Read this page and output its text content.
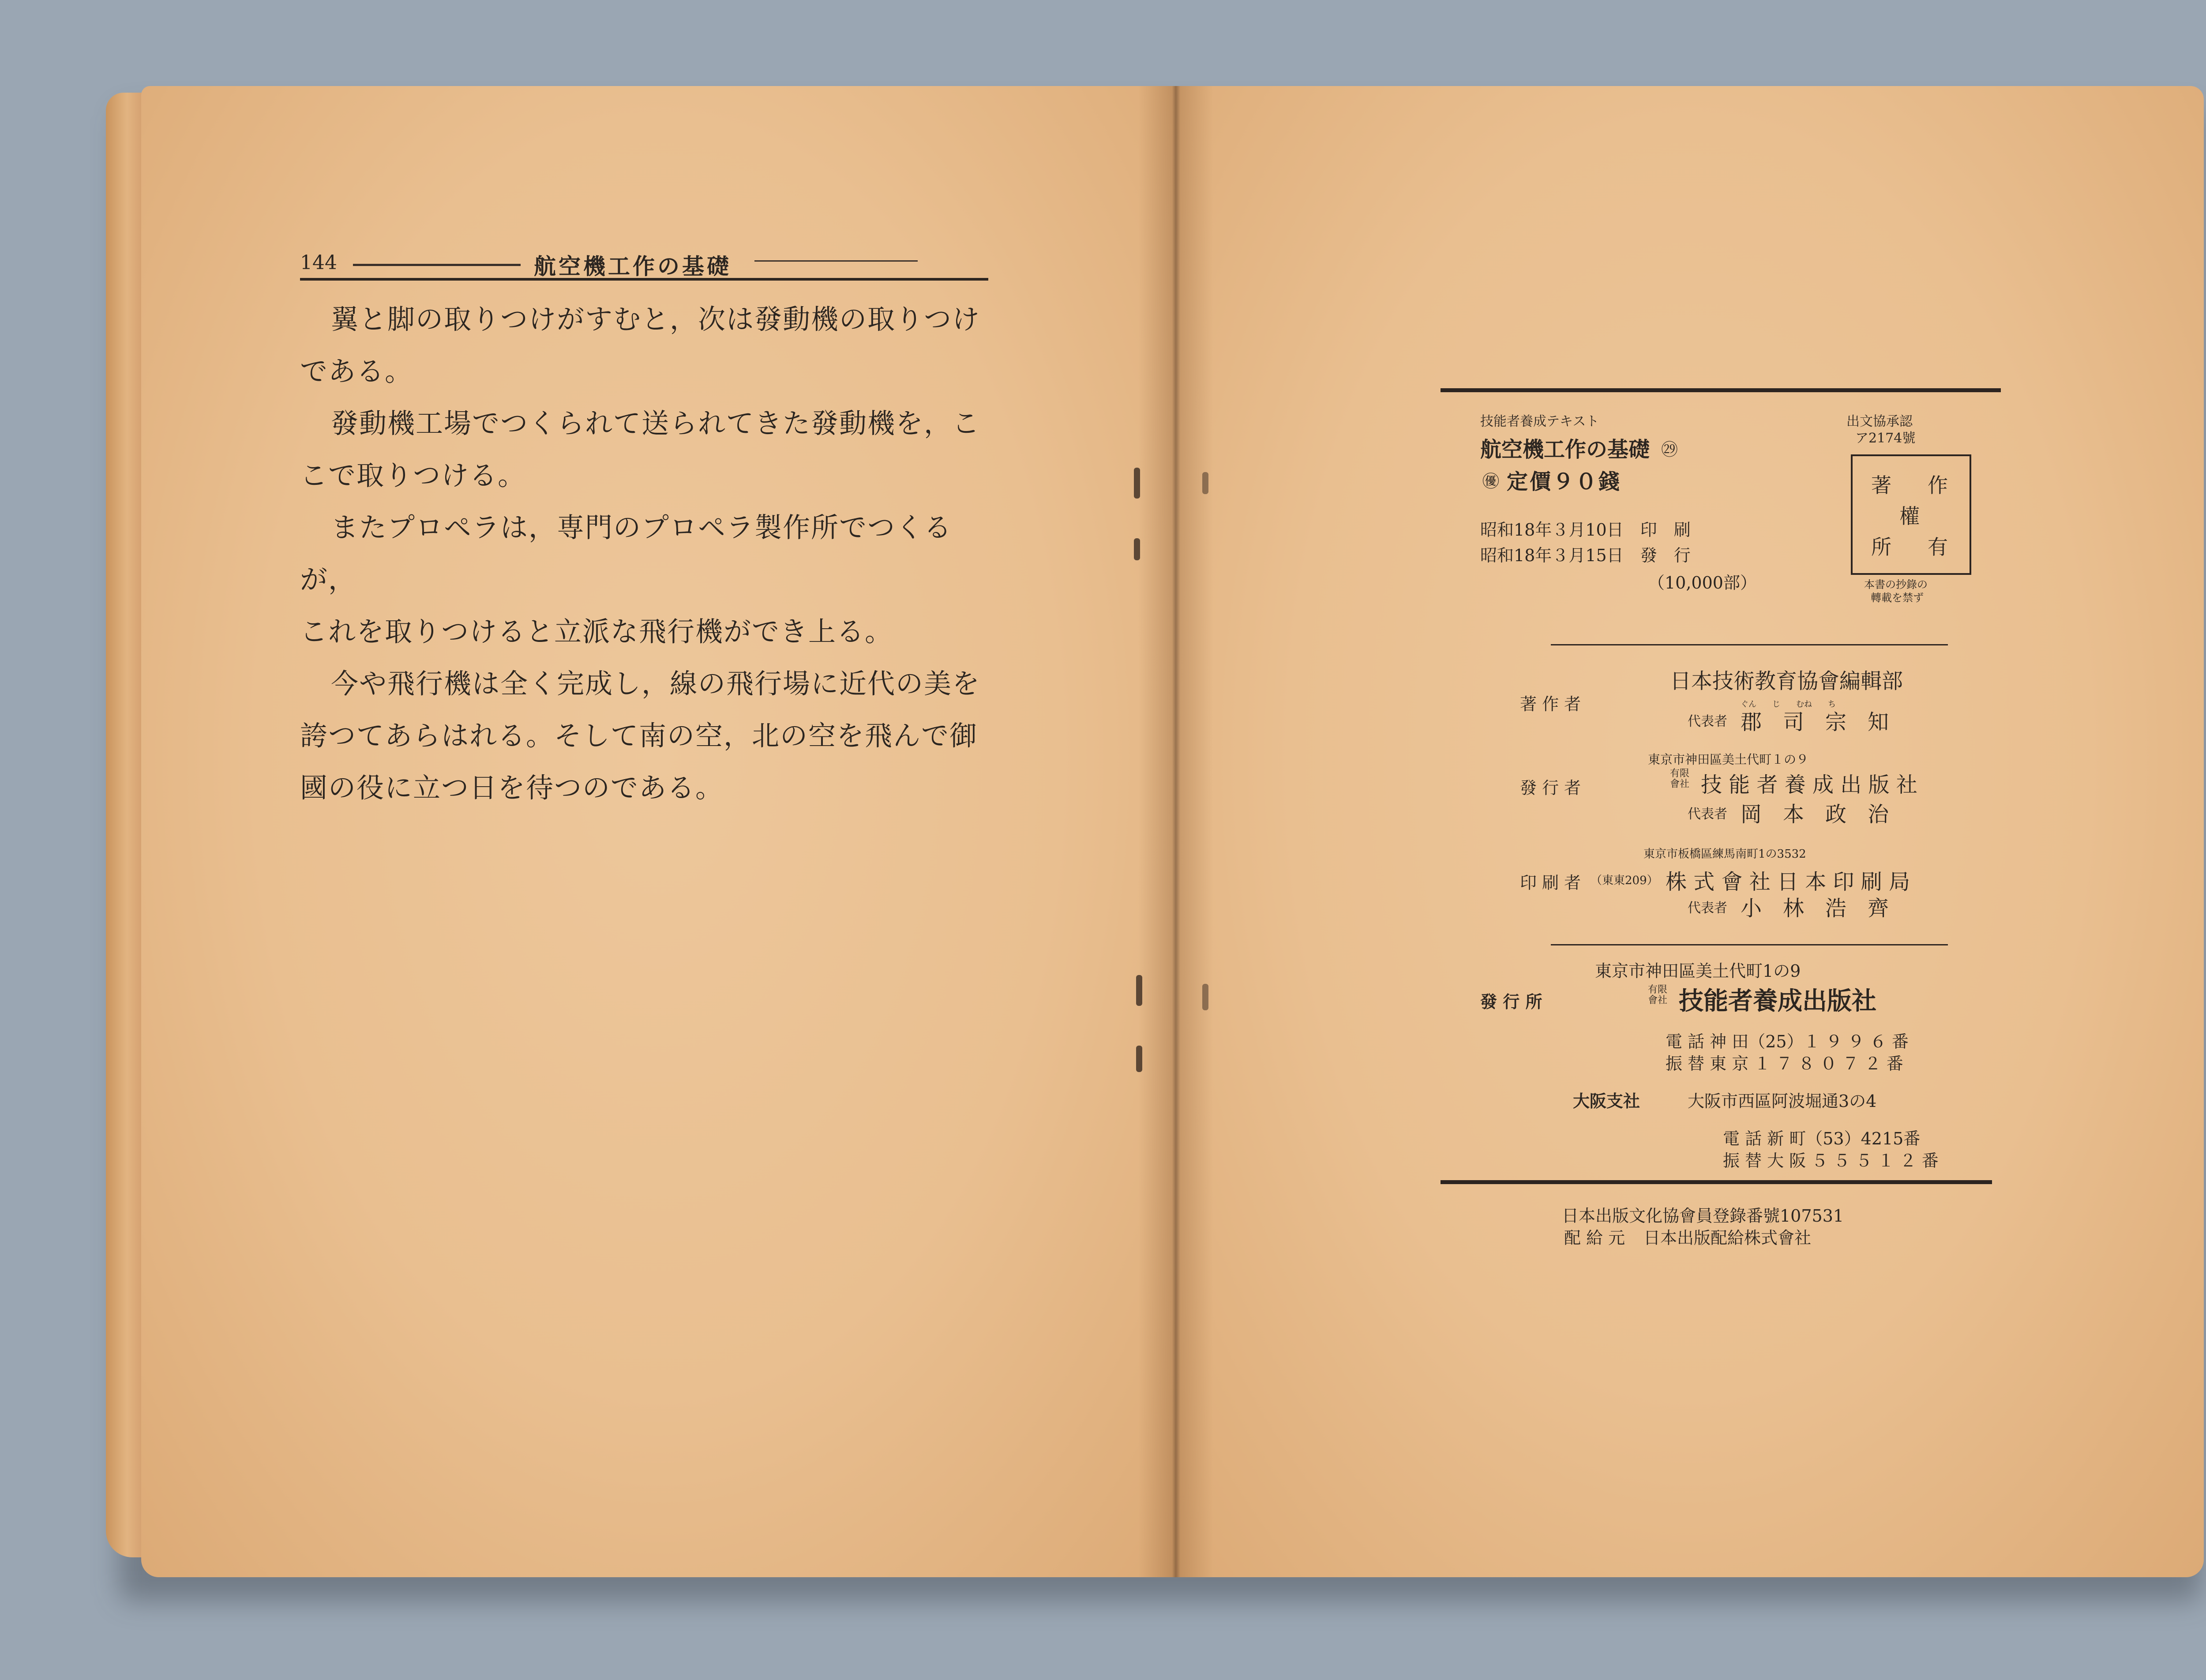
144	航空機工作の基礎

翼と脚の取りつけがすむと，次は發動機の取りつけ

である。

發動機工場でつくられて送られてきた發動機を，こ

こで取りつける。

またプロペラは，専門のプロペラ製作所でつくるが，

これを取りつけると立派な飛行機ができ上る。

今や飛行機は全く完成し，線の飛行場に近代の美を

誇つてあらはれる。そして南の空，北の空を飛んで御

國の役に立つ日を待つのである。

技能者養成テキスト
航空機工作の基礎 ㉙
㊝ 定價９０錢
出文協承認
ア2174號
著 作
權
所 有
本書の抄錄の
轉載を禁ず
昭和18年３月10日　印　刷
昭和18年３月15日　發　行
（10,000部）
著 作 者
日本技術教育協會編輯部
ぐん　　じ　　むね　　ち
代表者 郡　司　宗　知
東京市神田區美土代町１の９
發 行 者
有限會社 技 能 者 養 成 出 版 社
代表者 岡　本　政　治
東京市板橋區練馬南町1の3532
印 刷 者 （東東209） 株 式 會 社 日 本 印 刷 局
代表者 小　林　浩　齊
東京市神田區美土代町1の9
發 行 所
有限會社 技能者養成出版社
電 話 神 田（25）１ ９ ９ ６ 番
振 替 東 京 １ ７ ８ ０ ７ ２ 番
大阪支社	大阪市西區阿波堀通3の4
電 話 新 町（53）4215番
振 替 大 阪 ５ ５ ５ １ ２ 番
日本出版文化協會員登錄番號107531
配 給 元 日本出版配給株式會社
